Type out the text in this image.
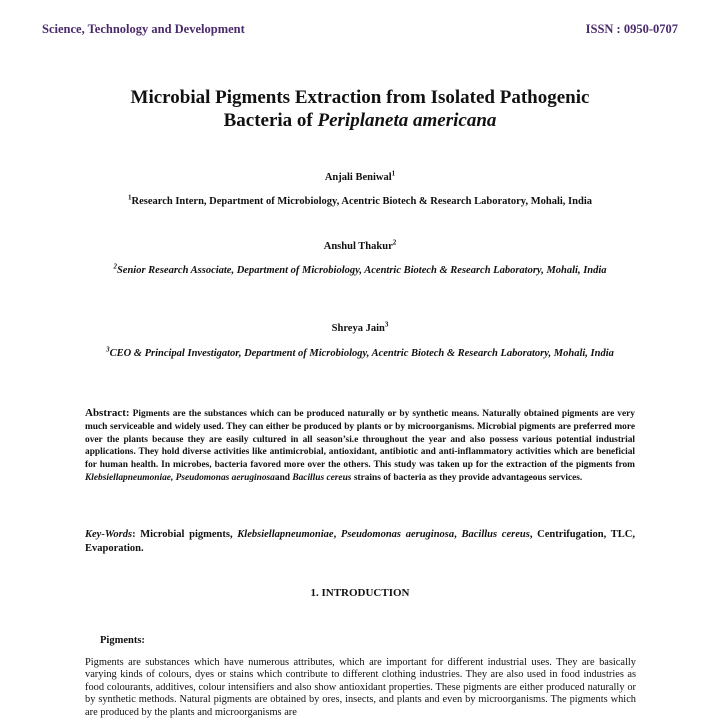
Science, Technology and Development	ISSN : 0950-0707
Microbial Pigments Extraction from Isolated Pathogenic
Bacteria of Periplaneta americana
Anjali Beniwal$^1$
$^1$Research Intern, Department of Microbiology, Acentric Biotech & Research Laboratory, Mohali, India
Anshul Thakur$^2$
$^2$Senior Research Associate, Department of Microbiology, Acentric Biotech & Research Laboratory, Mohali, India
Shreya Jain$^3$
$^3$CEO & Principal Investigator, Department of Microbiology, Acentric Biotech & Research Laboratory, Mohali, India
Abstract: Pigments are the substances which can be produced naturally or by synthetic means. Naturally obtained pigments are very much serviceable and widely used. They can either be produced by plants or by microorganisms. Microbial pigments are preferred more over the plants because they are easily cultured in all season’si.e throughout the year and also possess various potential industrial applications. They hold diverse activities like antimicrobial, antioxidant, antibiotic and anti-inflammatory activities which are beneficial for human health. In microbes, bacteria favored more over the others. This study was taken up for the extraction of the pigments from Klebsiellapneumoniae, Pseudomonas aeruginosaand Bacillus cereus strains of bacteria as they provide advantageous services.
Key-Words: Microbial pigments, Klebsiellapneumoniae, Pseudomonas aeruginosa, Bacillus cereus, Centrifugation, TLC, Evaporation.
1. INTRODUCTION
Pigments:
Pigments are substances which have numerous attributes, which are important for different industrial uses. They are basically varying kinds of colours, dyes or stains which contribute to different clothing industries. They are also used in food industries as food colourants, additives, colour intensifiers and also show antioxidant properties. These pigments are either produced naturally or by synthetic methods. Natural pigments are obtained by ores, insects, and plants and even by microorganisms. The pigments which are produced by the plants and microorganisms are
